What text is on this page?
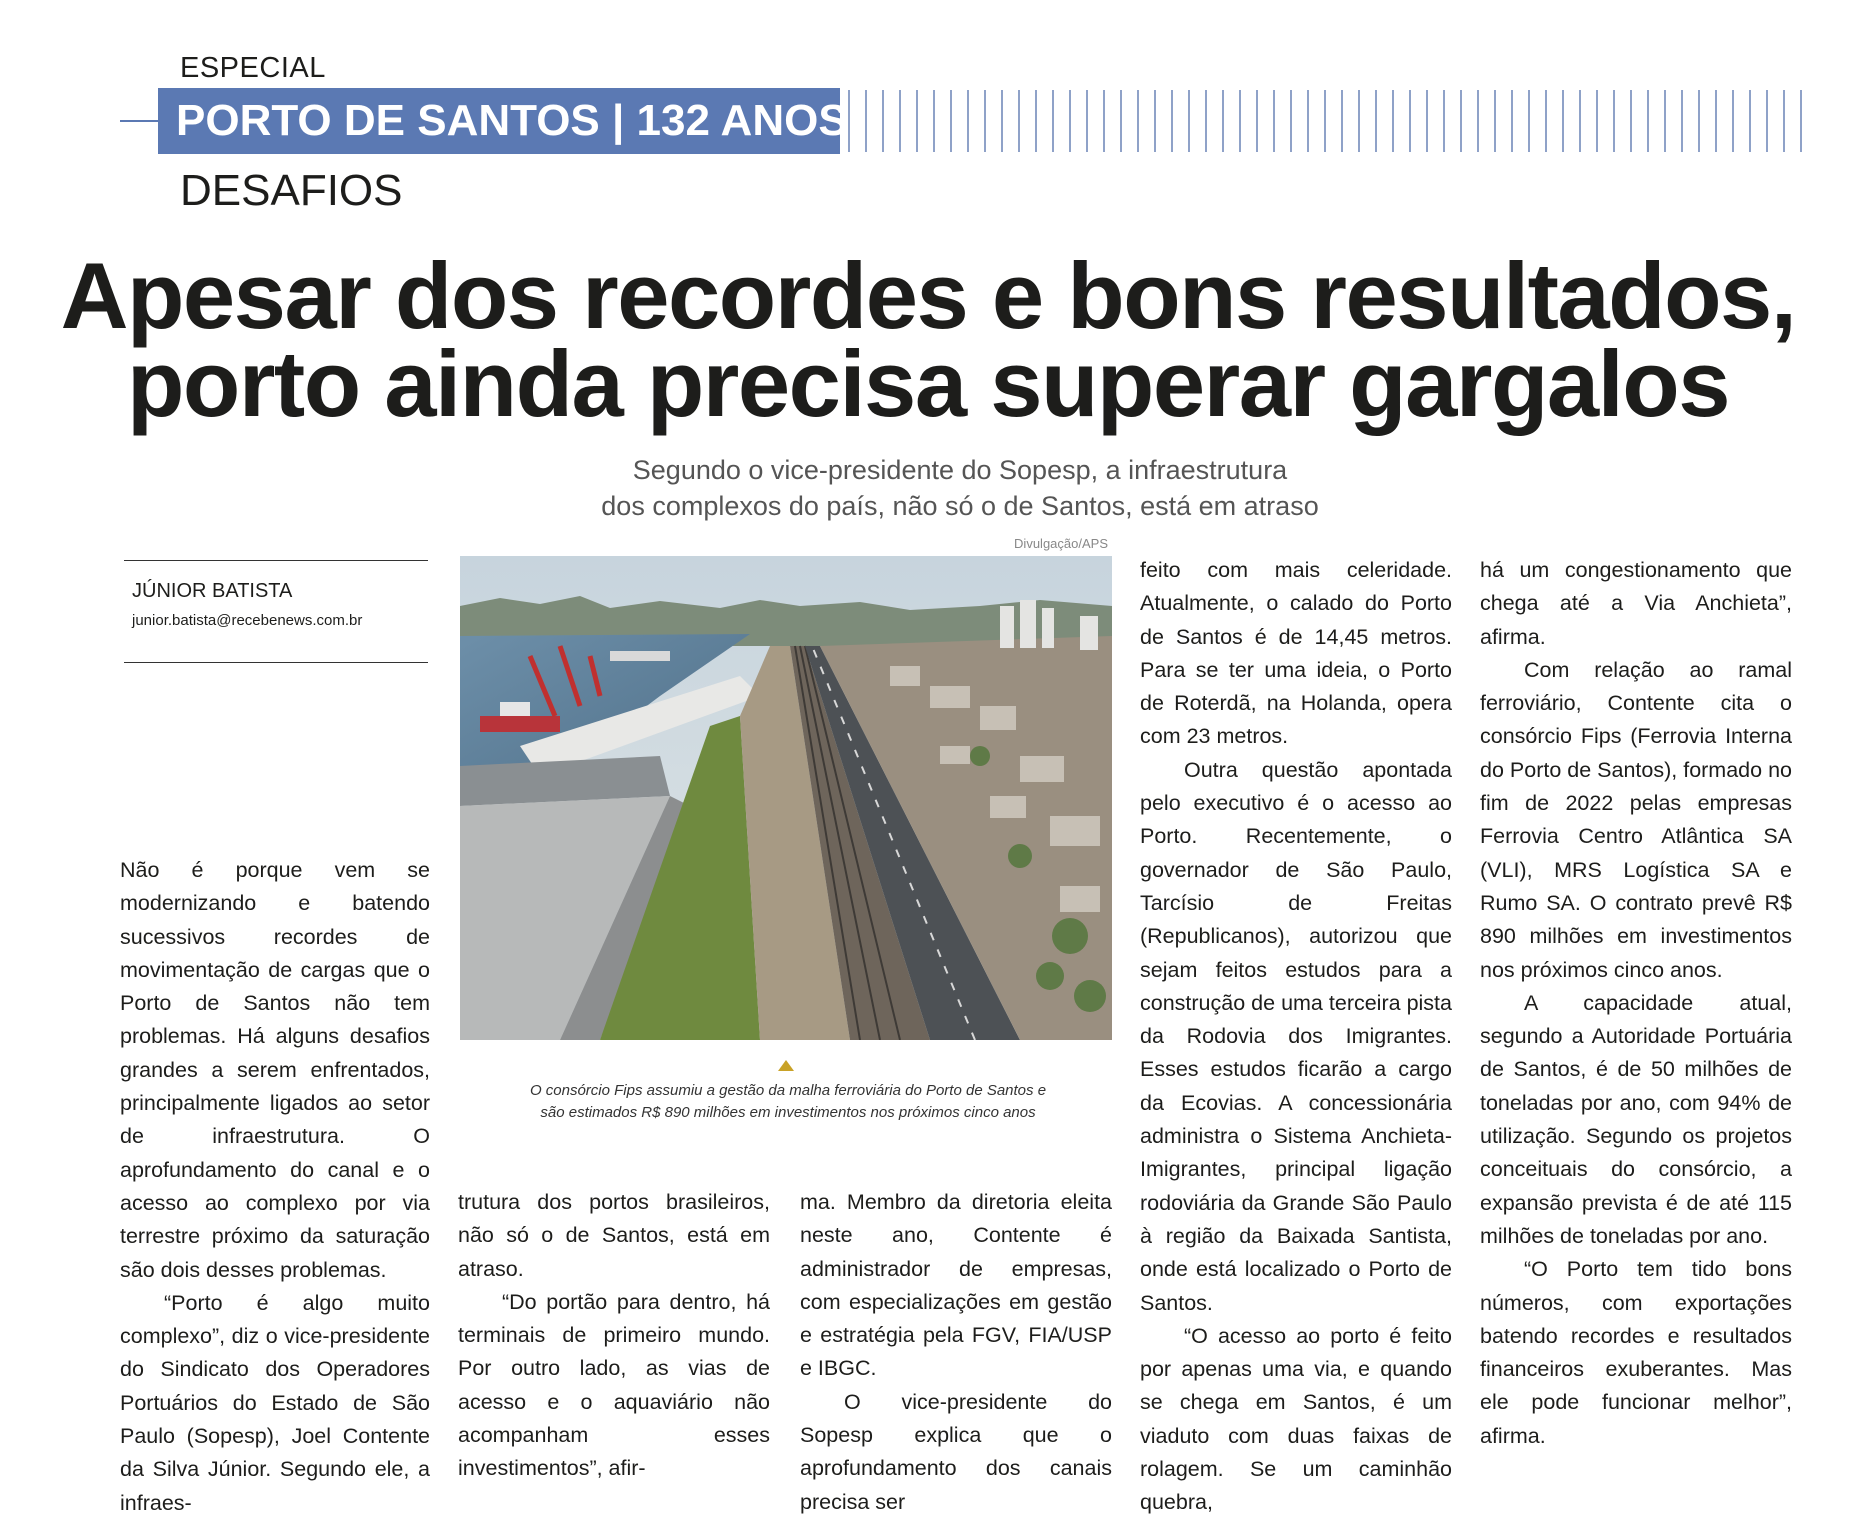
ESPECIAL
PORTO DE SANTOS | 132 ANOS
DESAFIOS
Apesar dos recordes e bons resultados,
porto ainda precisa superar gargalos
Segundo o vice-presidente do Sopesp, a infraestrutura
dos complexos do país, não só o de Santos, está em atraso
JÚNIOR BATISTA
junior.batista@recebenews.com.br
Divulgação/APS
O consórcio Fips assumiu a gestão da malha ferroviária do Porto de Santos e
são estimados R$ 890 milhões em investimentos nos próximos cinco anos

Não é porque vem se modernizando e batendo sucessivos recordes de movimentação de cargas que o Porto de Santos não tem problemas. Há alguns desafios grandes a serem enfrentados, principalmente ligados ao setor de infraestrutura. O aprofundamento do canal e o acesso ao complexo por via terrestre próximo da saturação são dois desses problemas.

“Porto é algo muito complexo”, diz o vice-presidente do Sindicato dos Operadores Portuários do Estado de São Paulo (Sopesp), Joel Contente da Silva Júnior. Segundo ele, a infraes-

trutura dos portos brasileiros, não só o de Santos, está em atraso.

“Do portão para dentro, há terminais de primeiro mundo. Por outro lado, as vias de acesso e o aquaviário não acompanham esses investimentos”, afir-

ma. Membro da diretoria eleita neste ano, Contente é administrador de empresas, com especializações em gestão e estratégia pela FGV, FIA/USP e IBGC.

O vice-presidente do Sopesp explica que o aprofundamento dos canais precisa ser

feito com mais celeridade. Atualmente, o calado do Porto de Santos é de 14,45 metros. Para se ter uma ideia, o Porto de Roterdã, na Holanda, opera com 23 metros.

Outra questão apontada pelo executivo é o acesso ao Porto. Recentemente, o governador de São Paulo, Tarcísio de Freitas (Republicanos), autorizou que sejam feitos estudos para a construção de uma terceira pista da Rodovia dos Imigrantes. Esses estudos ficarão a cargo da Ecovias. A concessionária administra o Sistema Anchieta-Imigrantes, principal ligação rodoviária da Grande São Paulo à região da Baixada Santista, onde está localizado o Porto de Santos.

“O acesso ao porto é feito por apenas uma via, e quando se chega em Santos, é um viaduto com duas faixas de rolagem. Se um caminhão quebra,

há um congestionamento que chega até a Via Anchieta”, afirma.

Com relação ao ramal ferroviário, Contente cita o consórcio Fips (Ferrovia Interna do Porto de Santos), formado no fim de 2022 pelas empresas Ferrovia Centro Atlântica SA (VLI), MRS Logística SA e Rumo SA. O contrato prevê R$ 890 milhões em investimentos nos próximos cinco anos.

A capacidade atual, segundo a Autoridade Portuária de Santos, é de 50 milhões de toneladas por ano, com 94% de utilização. Segundo os projetos conceituais do consórcio, a expansão prevista é de até 115 milhões de toneladas por ano.

“O Porto tem tido bons números, com exportações batendo recordes e resultados financeiros exuberantes. Mas ele pode funcionar melhor”, afirma.
